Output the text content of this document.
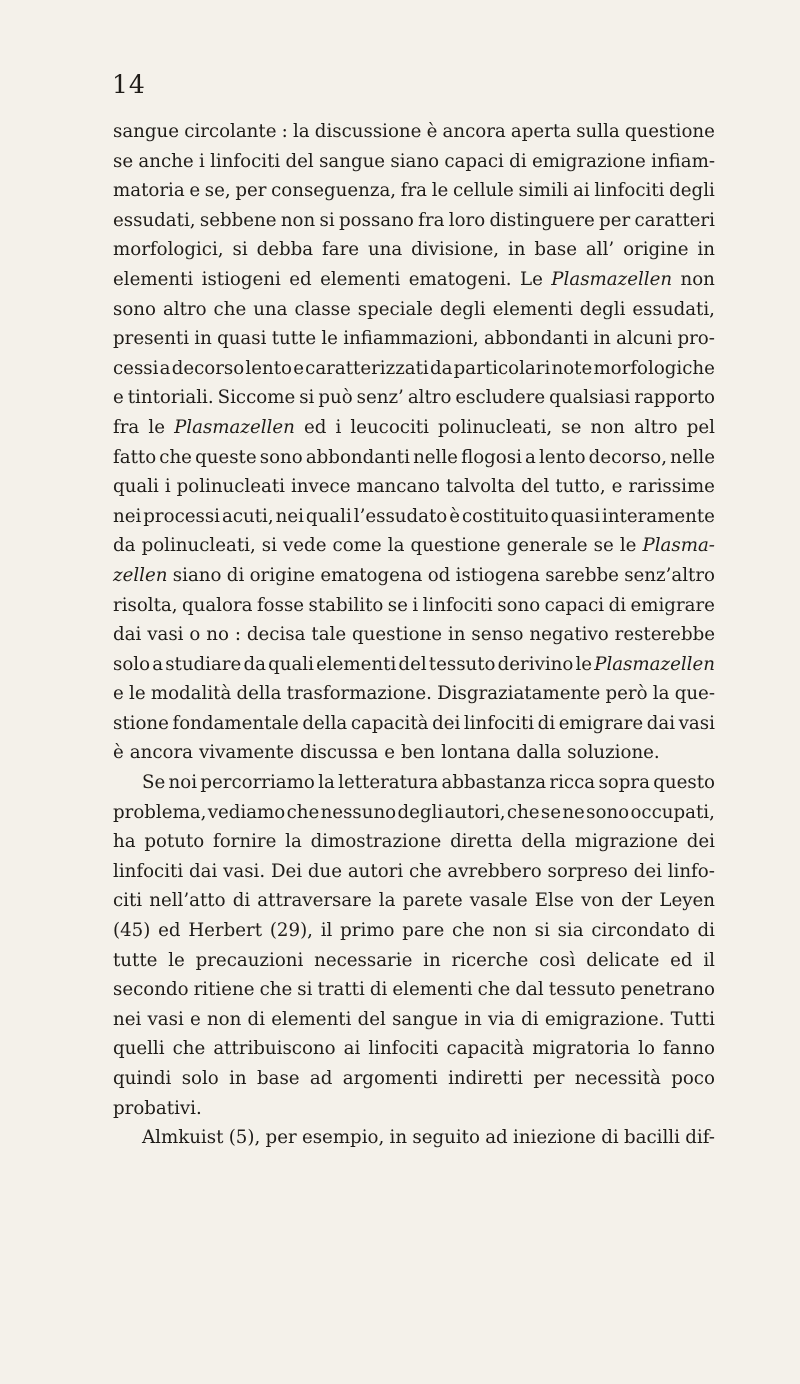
14
sangue circolante : la discussione è ancora aperta sulla questione
se anche i linfociti del sangue siano capaci di emigrazione infiam-
matoria e se, per conseguenza, fra le cellule simili ai linfociti degli
essudati, sebbene non si possano fra loro distinguere per caratteri
morfologici, si debba fare una divisione, in base all’ origine in
elementi istiogeni ed elementi ematogeni. Le Plasmazellen non
sono altro che una classe speciale degli elementi degli essudati,
presenti in quasi tutte le infiammazioni, abbondanti in alcuni pro-
cessi a decorso lento e caratterizzati da particolari note morfologiche
e tintoriali. Siccome si può senz’ altro escludere qualsiasi rapporto
fra le Plasmazellen ed i leucociti polinucleati, se non altro pel
fatto che queste sono abbondanti nelle flogosi a lento decorso, nelle
quali i polinucleati invece mancano talvolta del tutto, e rarissime
nei processi acuti, nei quali l’essudato è costituito quasi interamente
da polinucleati, si vede come la questione generale se le Plasma-
zellen siano di origine ematogena od istiogena sarebbe senz’altro
risolta, qualora fosse stabilito se i linfociti sono capaci di emigrare
dai vasi o no : decisa tale questione in senso negativo resterebbe
solo a studiare da quali elementi del tessuto derivino le Plasmazellen
e le modalità della trasformazione. Disgraziatamente però la que-
stione fondamentale della capacità dei linfociti di emigrare dai vasi
è ancora vivamente discussa e ben lontana dalla soluzione.
Se noi percorriamo la letteratura abbastanza ricca sopra questo
problema, vediamo che nessuno degli autori, che se ne sono occupati,
ha potuto fornire la dimostrazione diretta della migrazione dei
linfociti dai vasi. Dei due autori che avrebbero sorpreso dei linfo-
citi nell’atto di attraversare la parete vasale Else von der Leyen
(45) ed Herbert (29), il primo pare che non si sia circondato di
tutte le precauzioni necessarie in ricerche così delicate ed il
secondo ritiene che si tratti di elementi che dal tessuto penetrano
nei vasi e non di elementi del sangue in via di emigrazione. Tutti
quelli che attribuiscono ai linfociti capacità migratoria lo fanno
quindi solo in base ad argomenti indiretti per necessità poco
probativi.
Almkuist (5), per esempio, in seguito ad iniezione di bacilli dif-
